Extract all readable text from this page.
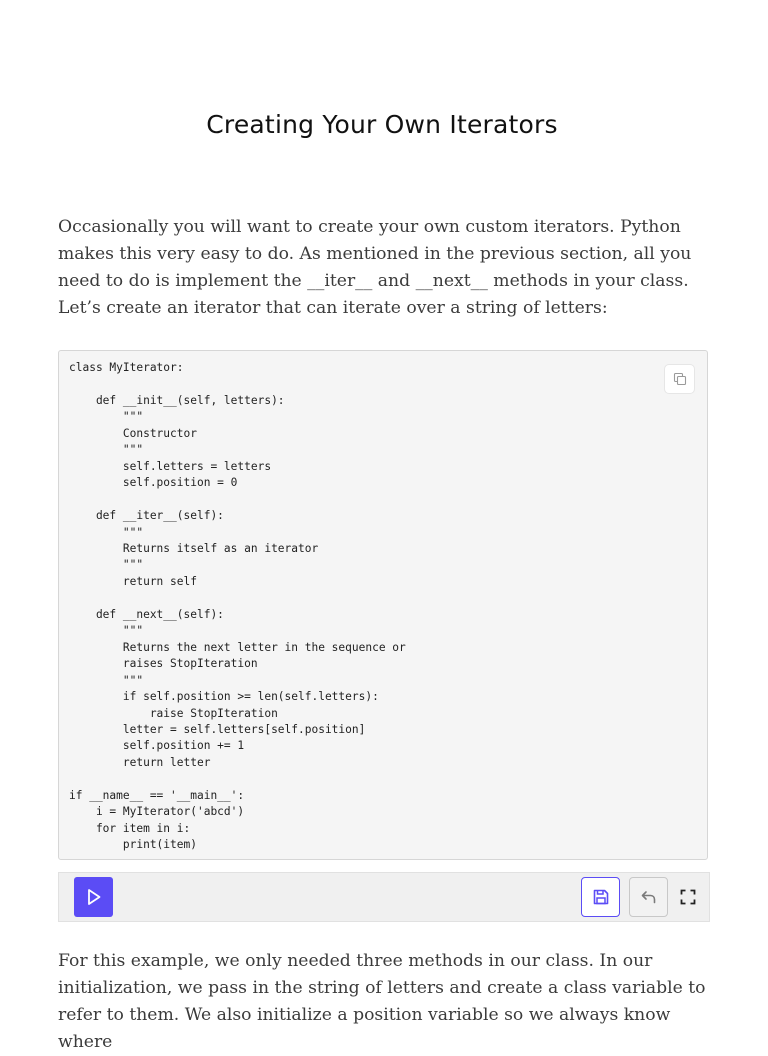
Creating Your Own Iterators

Occasionally you will want to create your own custom iterators. Python makes this very easy to do. As mentioned in the previous section, all you need to do is implement the __iter__ and __next__ methods in your class. Let’s create an iterator that can iterate over a string of letters:

class MyIterator:

def __init__(self, letters):
"""
Constructor
"""
self.letters = letters
self.position = 0

def __iter__(self):
"""
Returns itself as an iterator
"""
return self

def __next__(self):
"""
Returns the next letter in the sequence or
raises StopIteration
"""
if self.position >= len(self.letters):
raise StopIteration
letter = self.letters[self.position]
self.position += 1
return letter

if __name__ == '__main__':
i = MyIterator('abcd')
for item in i:
print(item)

For this example, we only needed three methods in our class. In our initialization, we pass in the string of letters and create a class variable to refer to them. We also initialize a position variable so we always know where
